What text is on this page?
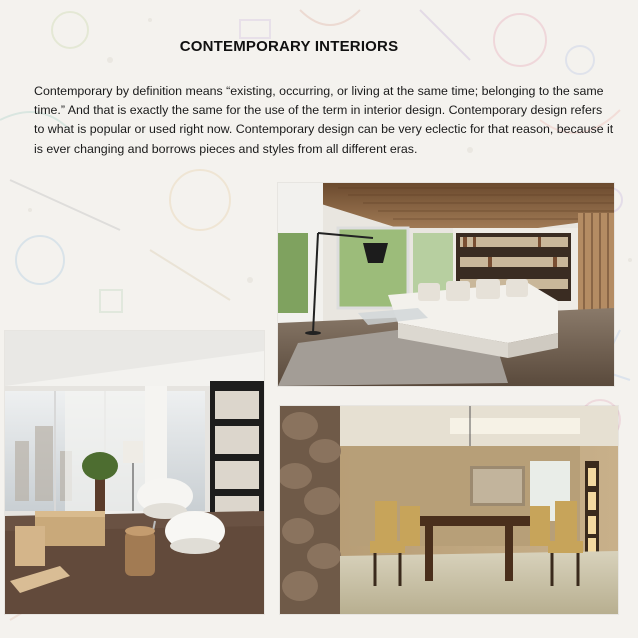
CONTEMPORARY INTERIORS
Contemporary by definition means “existing, occurring, or living at the same time; belonging to the same time.” And that is exactly the same for the use of the term in interior design. Contemporary design refers to what is popular or used right now. Contemporary design can be very eclectic for that reason, because it is ever changing and borrows pieces and styles from all different eras.
